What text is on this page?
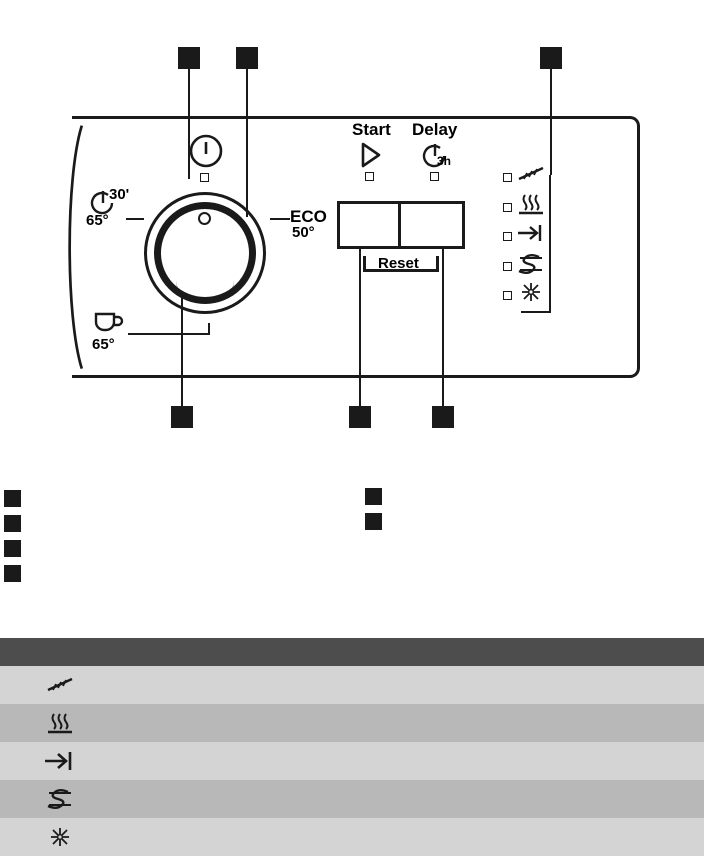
30'
65°	ECO
50°
65°
Start Delay
3h
Reset
